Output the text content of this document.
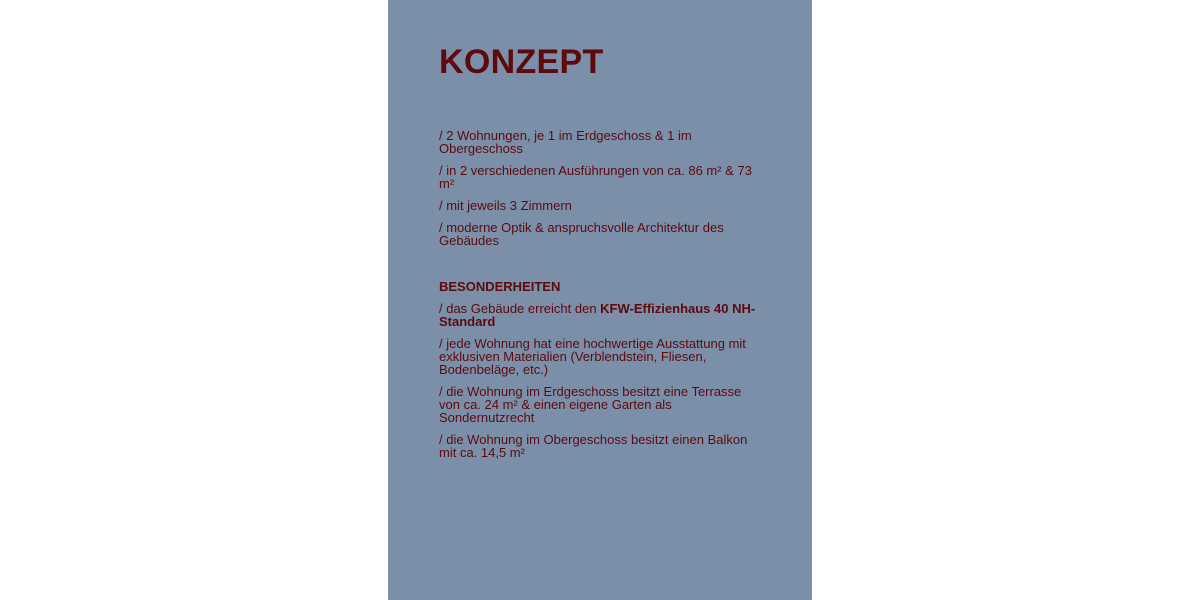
KONZEPT
/ 2 Wohnungen, je 1 im Erdgeschoss & 1 im Obergeschoss
/ in 2 verschiedenen Ausführungen von ca. 86 m² & 73 m²
/ mit jeweils 3 Zimmern
/ moderne Optik & anspruchsvolle Architektur des Gebäudes
BESONDERHEITEN
/ das Gebäude erreicht den KFW-Effizienhaus 40 NH-Standard
/ jede Wohnung hat eine hochwertige Ausstattung mit exklusiven Materialien (Verblendstein, Fliesen, Bodenbeläge, etc.)
/ die Wohnung im Erdgeschoss besitzt eine Terrasse von ca. 24 m² & einen eigene Garten als Sondernutzrecht
/ die Wohnung im Obergeschoss besitzt einen Balkon mit ca. 14,5 m²
